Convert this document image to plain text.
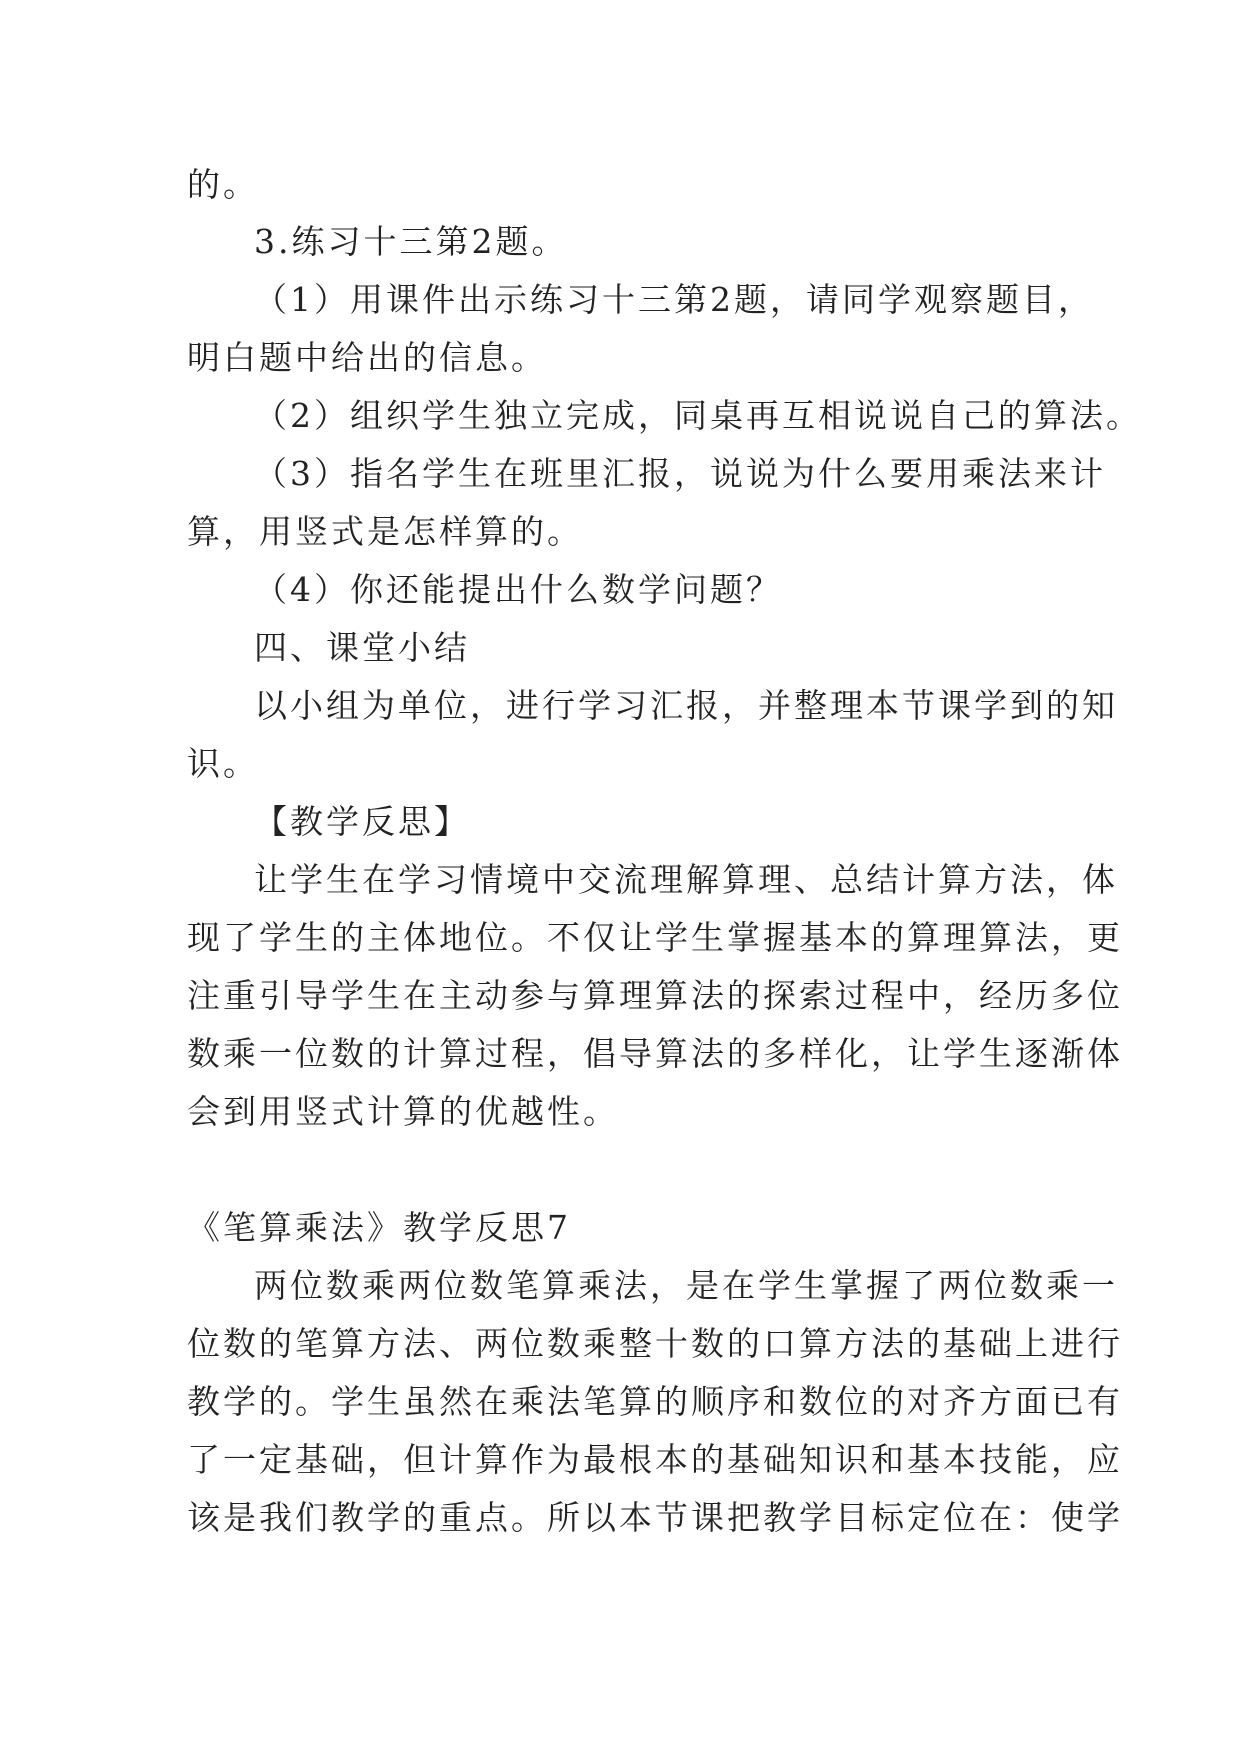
的。
3.练习十三第2题。
（1）用课件出示练习十三第2题，请同学观察题目，
明白题中给出的信息。
（2）组织学生独立完成，同桌再互相说说自己的算法。
（3）指名学生在班里汇报，说说为什么要用乘法来计
算，用竖式是怎样算的。
（4）你还能提出什么数学问题？
四、课堂小结
以小组为单位，进行学习汇报，并整理本节课学到的知
识。
【教学反思】
让学生在学习情境中交流理解算理、总结计算方法，体
现了学生的主体地位。不仅让学生掌握基本的算理算法，更
注重引导学生在主动参与算理算法的探索过程中，经历多位
数乘一位数的计算过程，倡导算法的多样化，让学生逐渐体
会到用竖式计算的优越性。
《笔算乘法》教学反思7
两位数乘两位数笔算乘法，是在学生掌握了两位数乘一
位数的笔算方法、两位数乘整十数的口算方法的基础上进行
教学的。学生虽然在乘法笔算的顺序和数位的对齐方面已有
了一定基础，但计算作为最根本的基础知识和基本技能，应
该是我们教学的重点。所以本节课把教学目标定位在：使学
